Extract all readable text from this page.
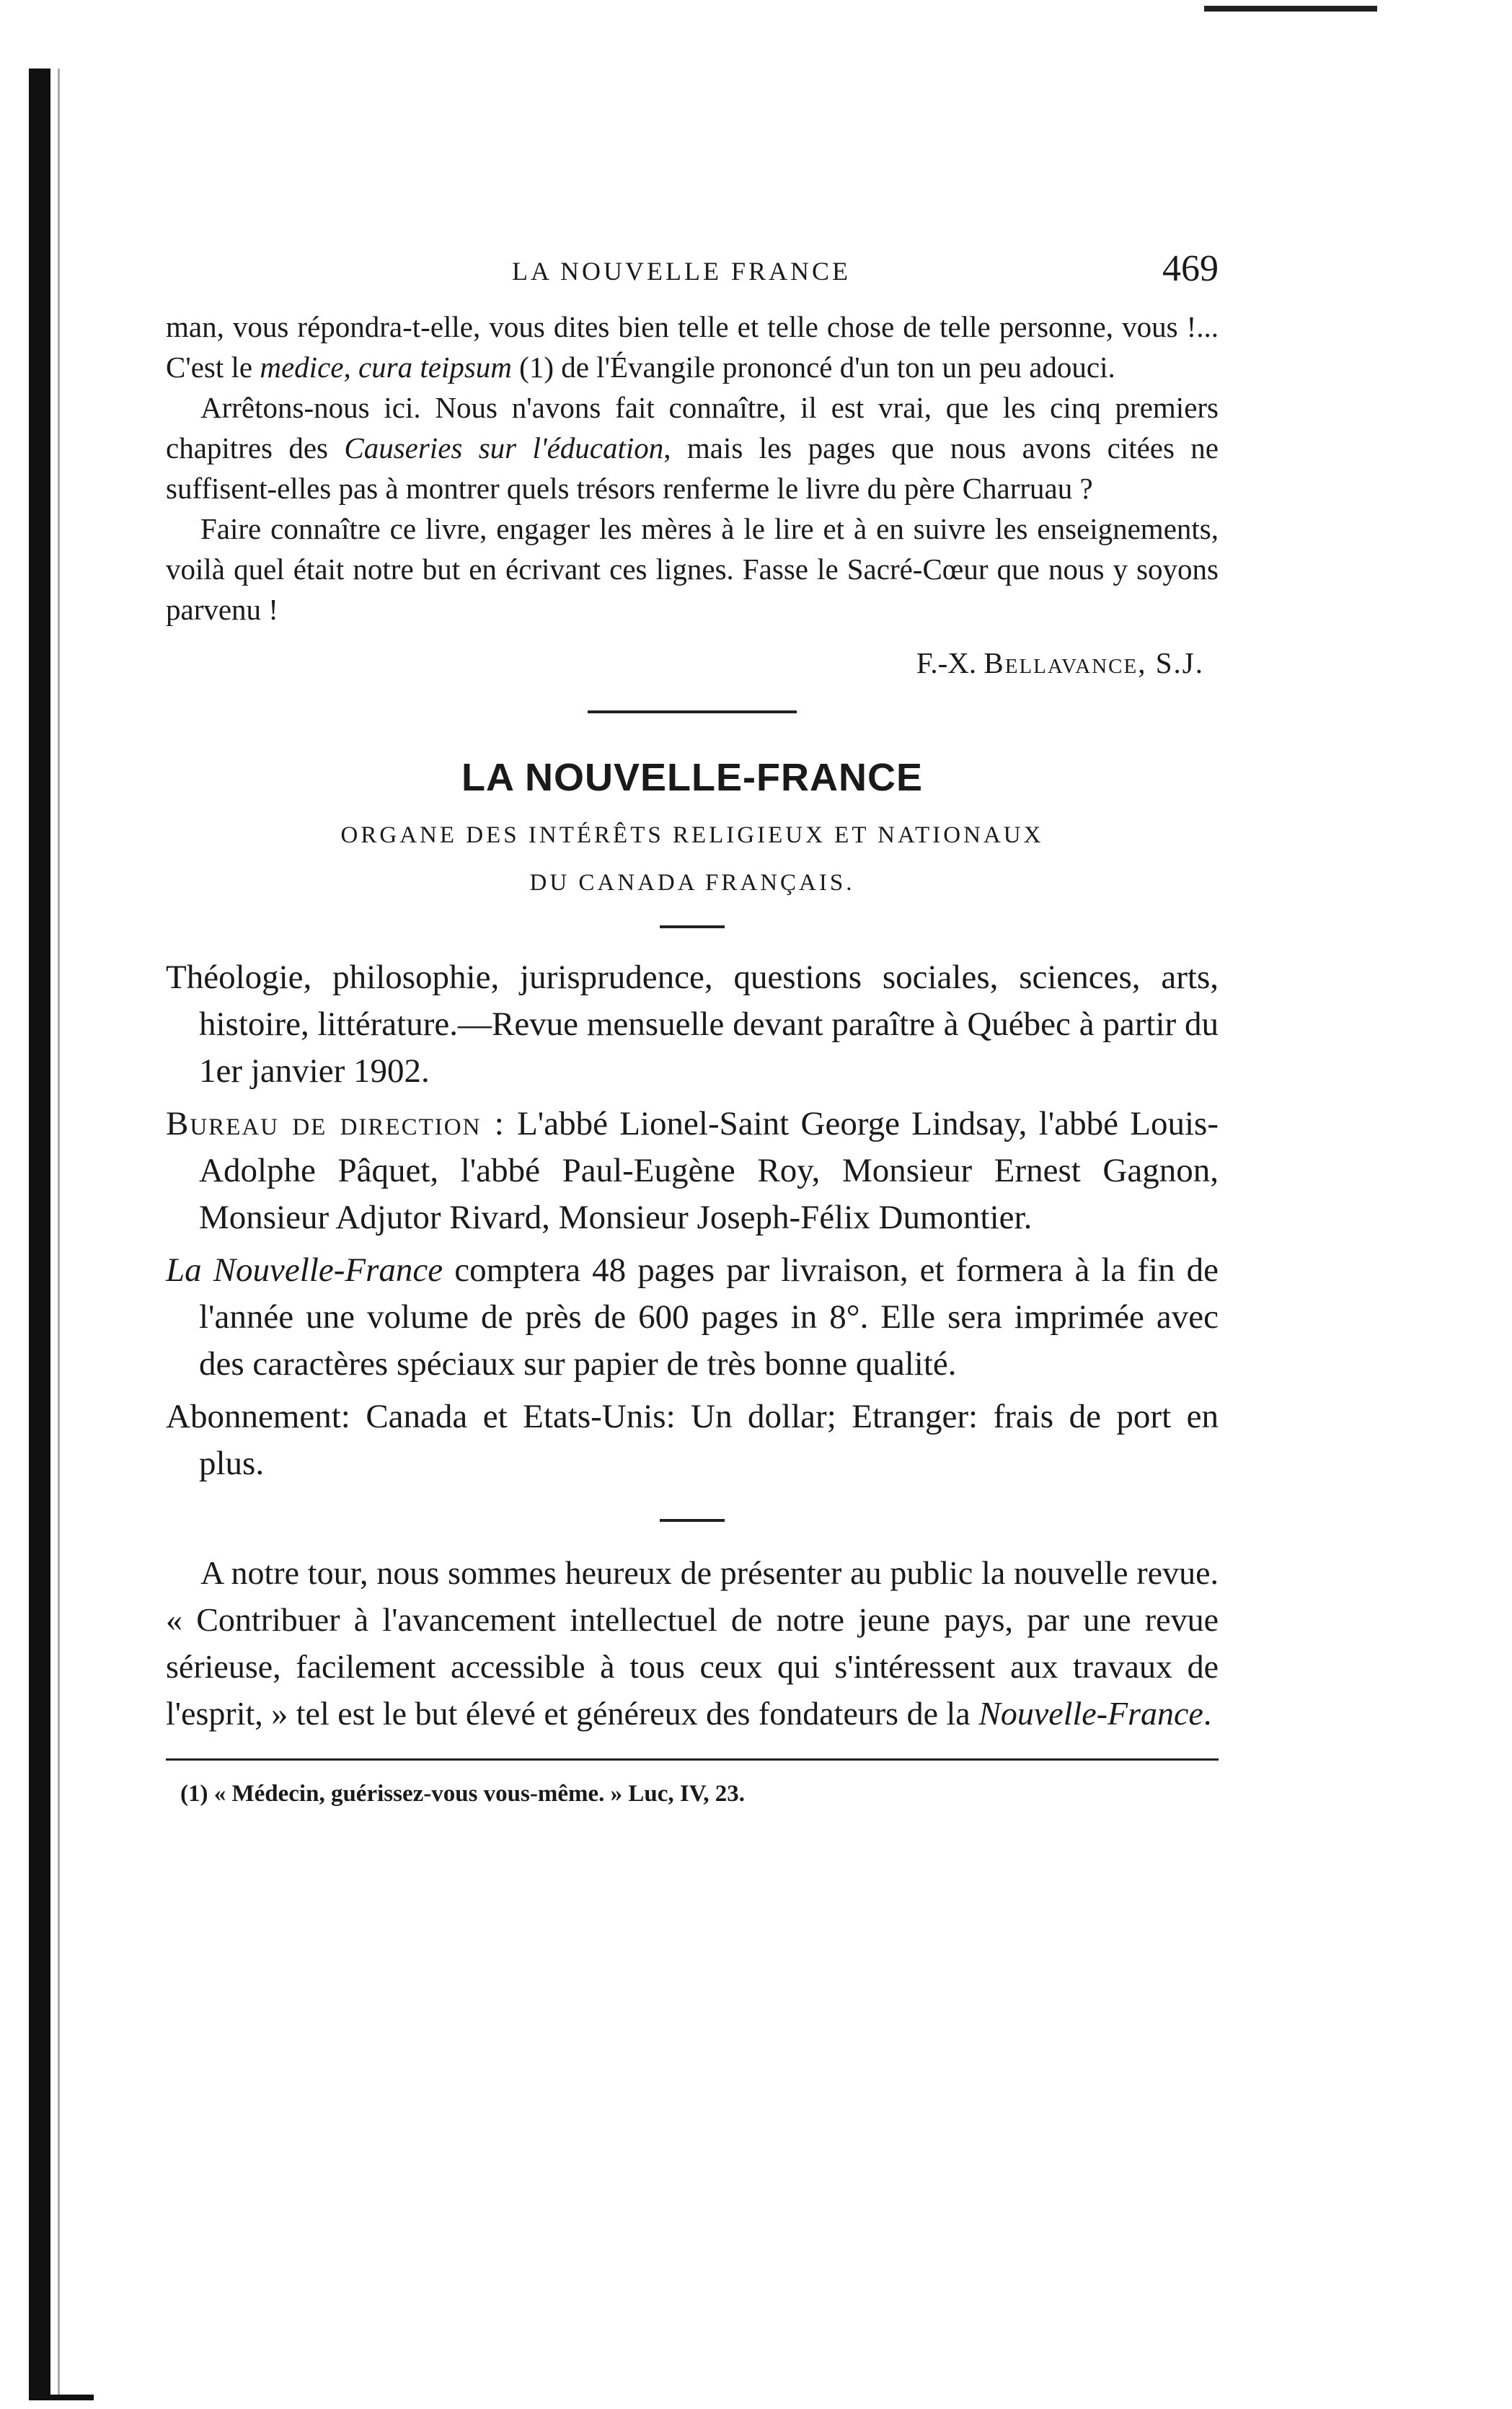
LA NOUVELLE FRANCE	469

man, vous répondra-t-elle, vous dites bien telle et telle chose de telle personne, vous !... C'est le medice, cura teipsum (1) de l'Évangile prononcé d'un ton un peu adouci.

Arrêtons-nous ici. Nous n'avons fait connaître, il est vrai, que les cinq premiers chapitres des Causeries sur l'éducation, mais les pages que nous avons citées ne suffisent-elles pas à montrer quels trésors renferme le livre du père Charruau ?

Faire connaître ce livre, engager les mères à le lire et à en suivre les enseignements, voilà quel était notre but en écrivant ces lignes. Fasse le Sacré-Cœur que nous y soyons parvenu !

F.-X. Bellavance, S.J.

LA NOUVELLE-FRANCE
ORGANE DES INTÉRÊTS RELIGIEUX ET NATIONAUX
DU CANADA FRANÇAIS.

Théologie, philosophie, jurisprudence, questions sociales, sciences, arts, histoire, littérature.—Revue mensuelle devant paraître à Québec à partir du 1er janvier 1902.

Bureau de direction : L'abbé Lionel-Saint George Lindsay, l'abbé Louis-Adolphe Pâquet, l'abbé Paul-Eugène Roy, Monsieur Ernest Gagnon, Monsieur Adjutor Rivard, Monsieur Joseph-Félix Dumontier.

La Nouvelle-France comptera 48 pages par livraison, et formera à la fin de l'année une volume de près de 600 pages in 8°. Elle sera imprimée avec des caractères spéciaux sur papier de très bonne qualité.

Abonnement: Canada et Etats-Unis: Un dollar; Etranger: frais de port en plus.

A notre tour, nous sommes heureux de présenter au public la nouvelle revue. « Contribuer à l'avancement intellectuel de notre jeune pays, par une revue sérieuse, facilement accessible à tous ceux qui s'intéressent aux travaux de l'esprit, » tel est le but élevé et généreux des fondateurs de la Nouvelle-France.

(1) « Médecin, guérissez-vous vous-même. » Luc, IV, 23.
